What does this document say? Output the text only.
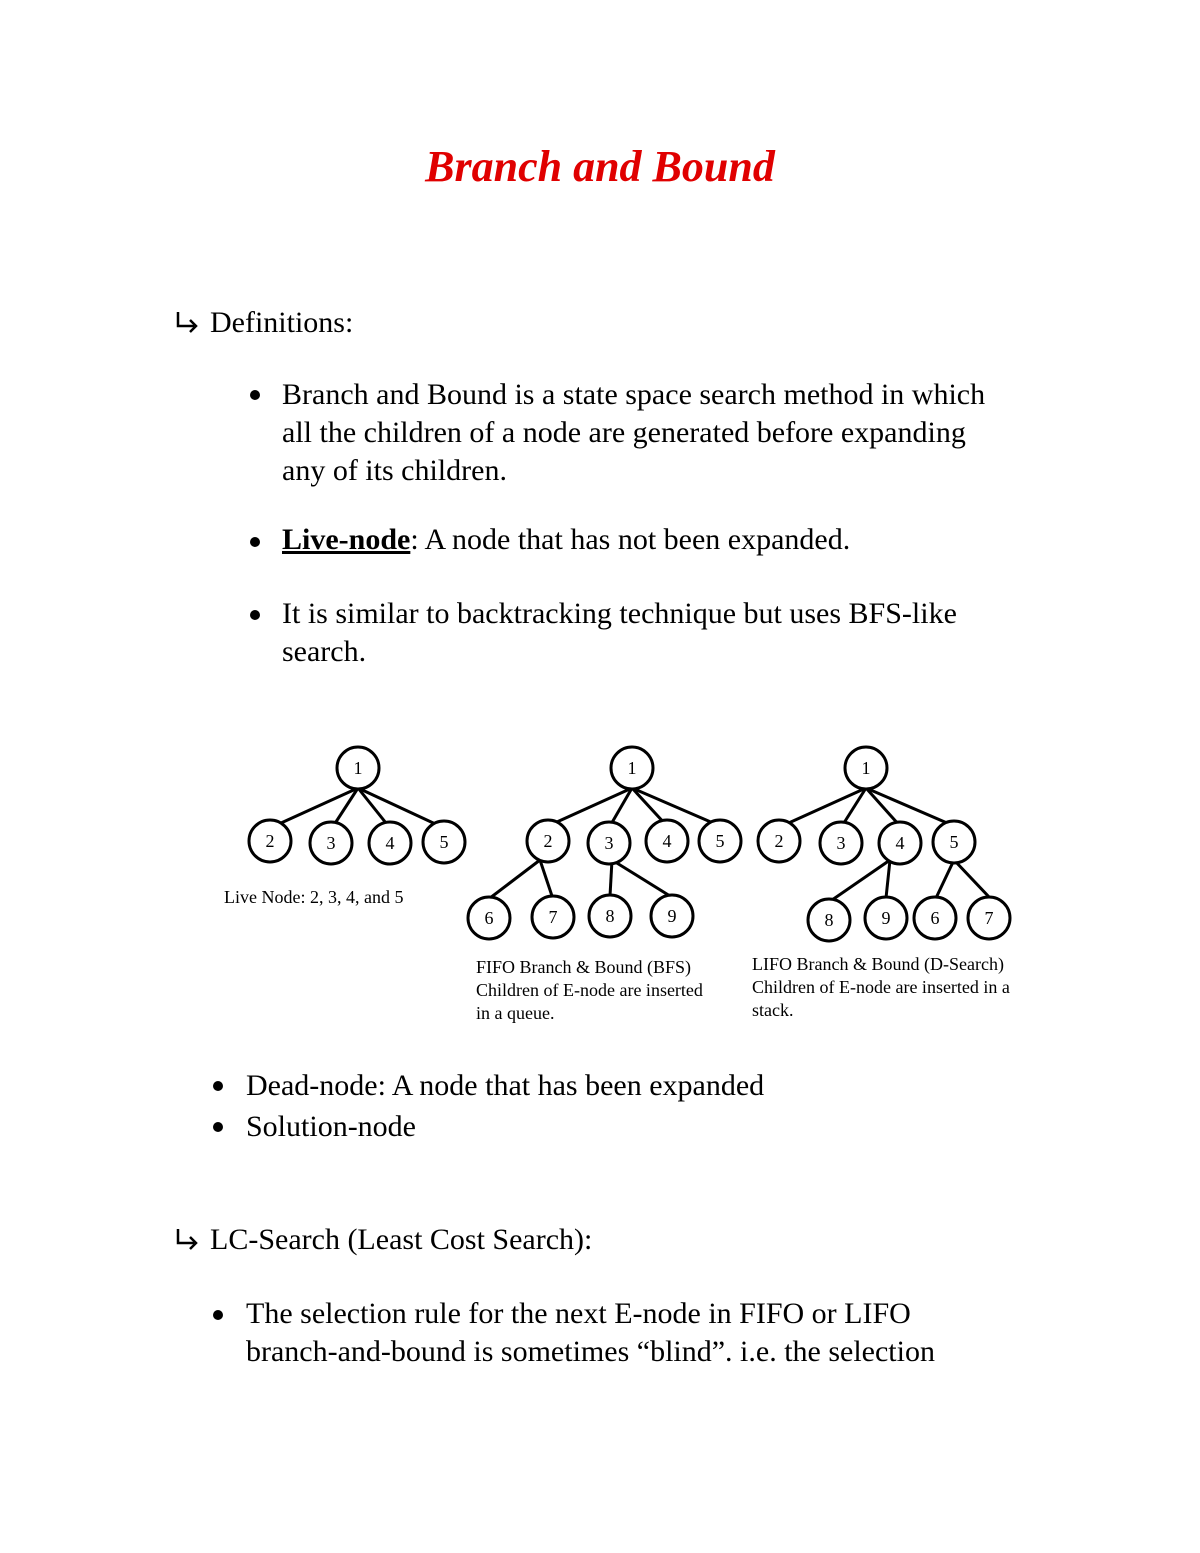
Branch and Bound
Definitions:
Branch and Bound is a state space search method in which
all the children of a node are generated before expanding
any of its children.
Live-node: A node that has not been expanded.
It is similar to backtracking technique but uses BFS-like
search.
1
2	3	4	5
1
2	3	4 5
6	7	8	9
1
2	3	4	5
8	9 6	7
Live Node: 2, 3, 4, and 5
FIFO Branch & Bound (BFS)
Children of E-node are inserted
in a queue.
LIFO Branch & Bound (D-Search)
Children of E-node are inserted in a
stack.
Dead-node: A node that has been expanded
Solution-node
LC-Search (Least Cost Search):
The selection rule for the next E-node in FIFO or LIFO
branch-and-bound is sometimes “blind”. i.e. the selection
